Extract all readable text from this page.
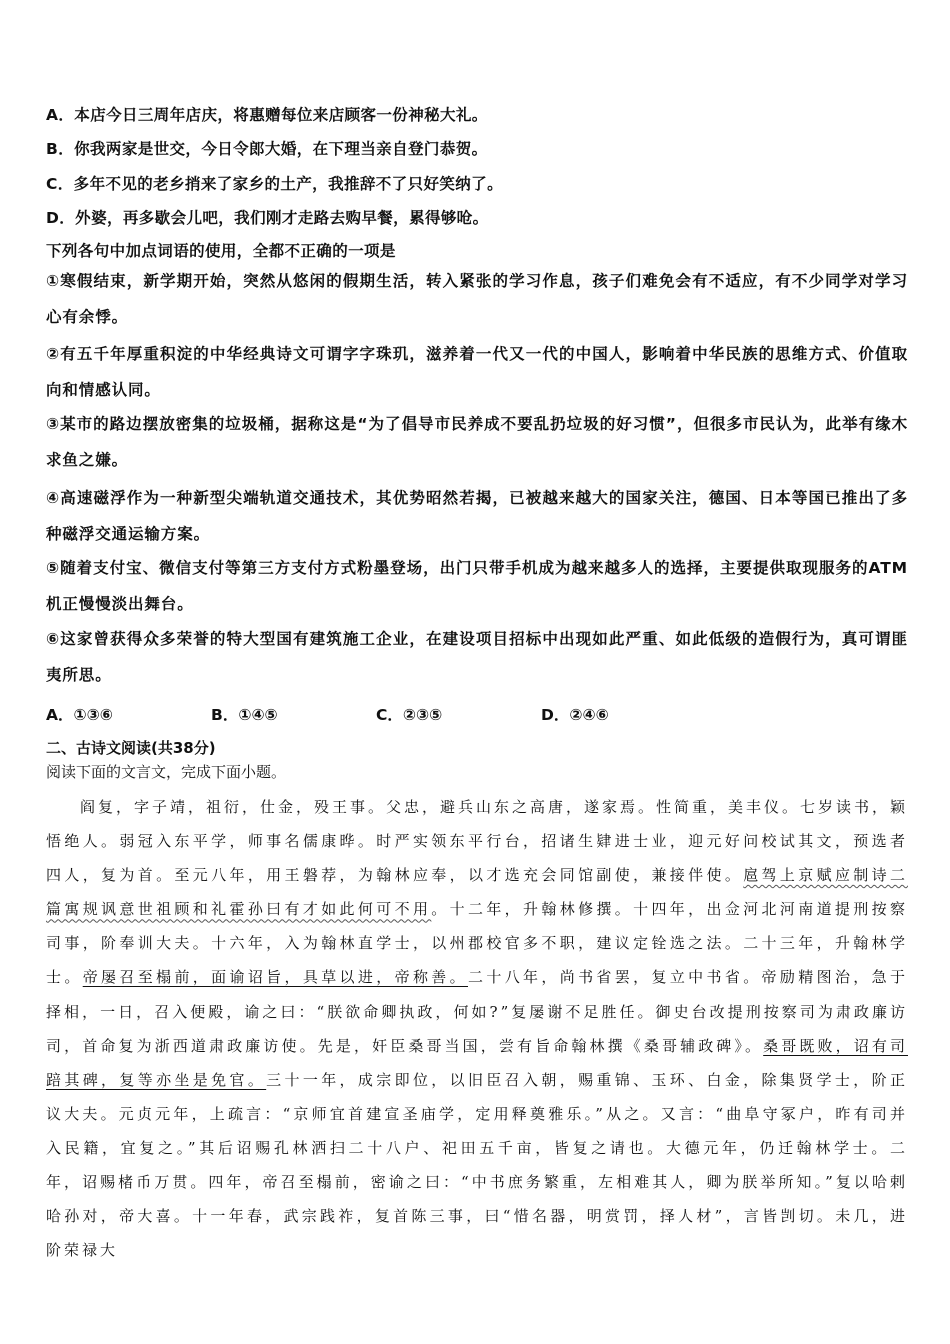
A．本店今日三周年店庆，将惠赠每位来店顾客一份神秘大礼。
B．你我两家是世交，今日令郎大婚，在下理当亲自登门恭贺。
C．多年不见的老乡捎来了家乡的土产，我推辞不了只好笑纳了。
D．外婆，再多歇会儿吧，我们刚才走路去购早餐，累得够呛。
下列各句中加点词语的使用，全都不正确的一项是
①寒假结束，新学期开始，突然从悠闲的假期生活，转入紧张的学习作息，孩子们难免会有不适应，有不少同学对学习心有余悸。
②有五千年厚重积淀的中华经典诗文可谓字字珠玑，滋养着一代又一代的中国人，影响着中华民族的思维方式、价值取向和情感认同。
③某市的路边摆放密集的垃圾桶，据称这是“为了倡导市民养成不要乱扔垃圾的好习惯”，但很多市民认为，此举有缘木求鱼之嫌。
④高速磁浮作为一种新型尖端轨道交通技术，其优势昭然若揭，已被越来越大的国家关注，德国、日本等国已推出了多种磁浮交通运输方案。
⑤随着支付宝、微信支付等第三方支付方式粉墨登场，出门只带手机成为越来越多人的选择，主要提供取现服务的ATM机正慢慢淡出舞台。
⑥这家曾获得众多荣誉的特大型国有建筑施工企业，在建设项目招标中出现如此严重、如此低级的造假行为，真可谓匪夷所思。
A．①③⑥	B．①④⑤	C．②③⑤	D．②④⑥
二、古诗文阅读(共38分)
阅读下面的文言文，完成下面小题。
阎复，字子靖，祖衍，仕金，殁王事。父忠，避兵山东之高唐，遂家焉。性简重，美丰仪。七岁读书，颖悟绝人。弱冠入东平学，师事名儒康晔。时严实领东平行台，招诸生肄进士业，迎元好问校试其文，预选者四人，复为首。至元八年，用王磐荐，为翰林应奉，以才选充会同馆副使，兼接伴使。扈驾上京赋应制诗二篇寓规讽意世祖顾和礼霍孙曰有才如此何可不用。十二年，升翰林修撰。十四年，出佥河北河南道提刑按察司事，阶奉训大夫。十六年，入为翰林直学士，以州郡校官多不职，建议定铨选之法。二十三年，升翰林学士。帝屡召至榻前，面谕诏旨，具草以进，帝称善。二十八年，尚书省罢，复立中书省。帝励精图治，急于择相，一日，召入便殿，谕之曰：“朕欲命卿执政，何如?”复屡谢不足胜任。御史台改提刑按察司为肃政廉访司，首命复为浙西道肃政廉访使。先是，奸臣桑哥当国，尝有旨命翰林撰《桑哥辅政碑》。桑哥既败，诏有司踣其碑，复等亦坐是免官。三十一年，成宗即位，以旧臣召入朝，赐重锦、玉环、白金，除集贤学士，阶正议大夫。元贞元年，上疏言：“京师宜首建宣圣庙学，定用释奠雅乐。”从之。又言：“曲阜守冢户，昨有司并入民籍，宜复之。”其后诏赐孔林洒扫二十八户、祀田五千亩，皆复之请也。大德元年，仍迁翰林学士。二年，诏赐楮币万贯。四年，帝召至榻前，密谕之曰：“中书庶务繁重，左相难其人，卿为朕举所知。”复以哈剌哈孙对，帝大喜。十一年春，武宗践祚，复首陈三事，曰“惜名器，明赏罚，择人材”，言皆剀切。未几，进阶荣禄大
